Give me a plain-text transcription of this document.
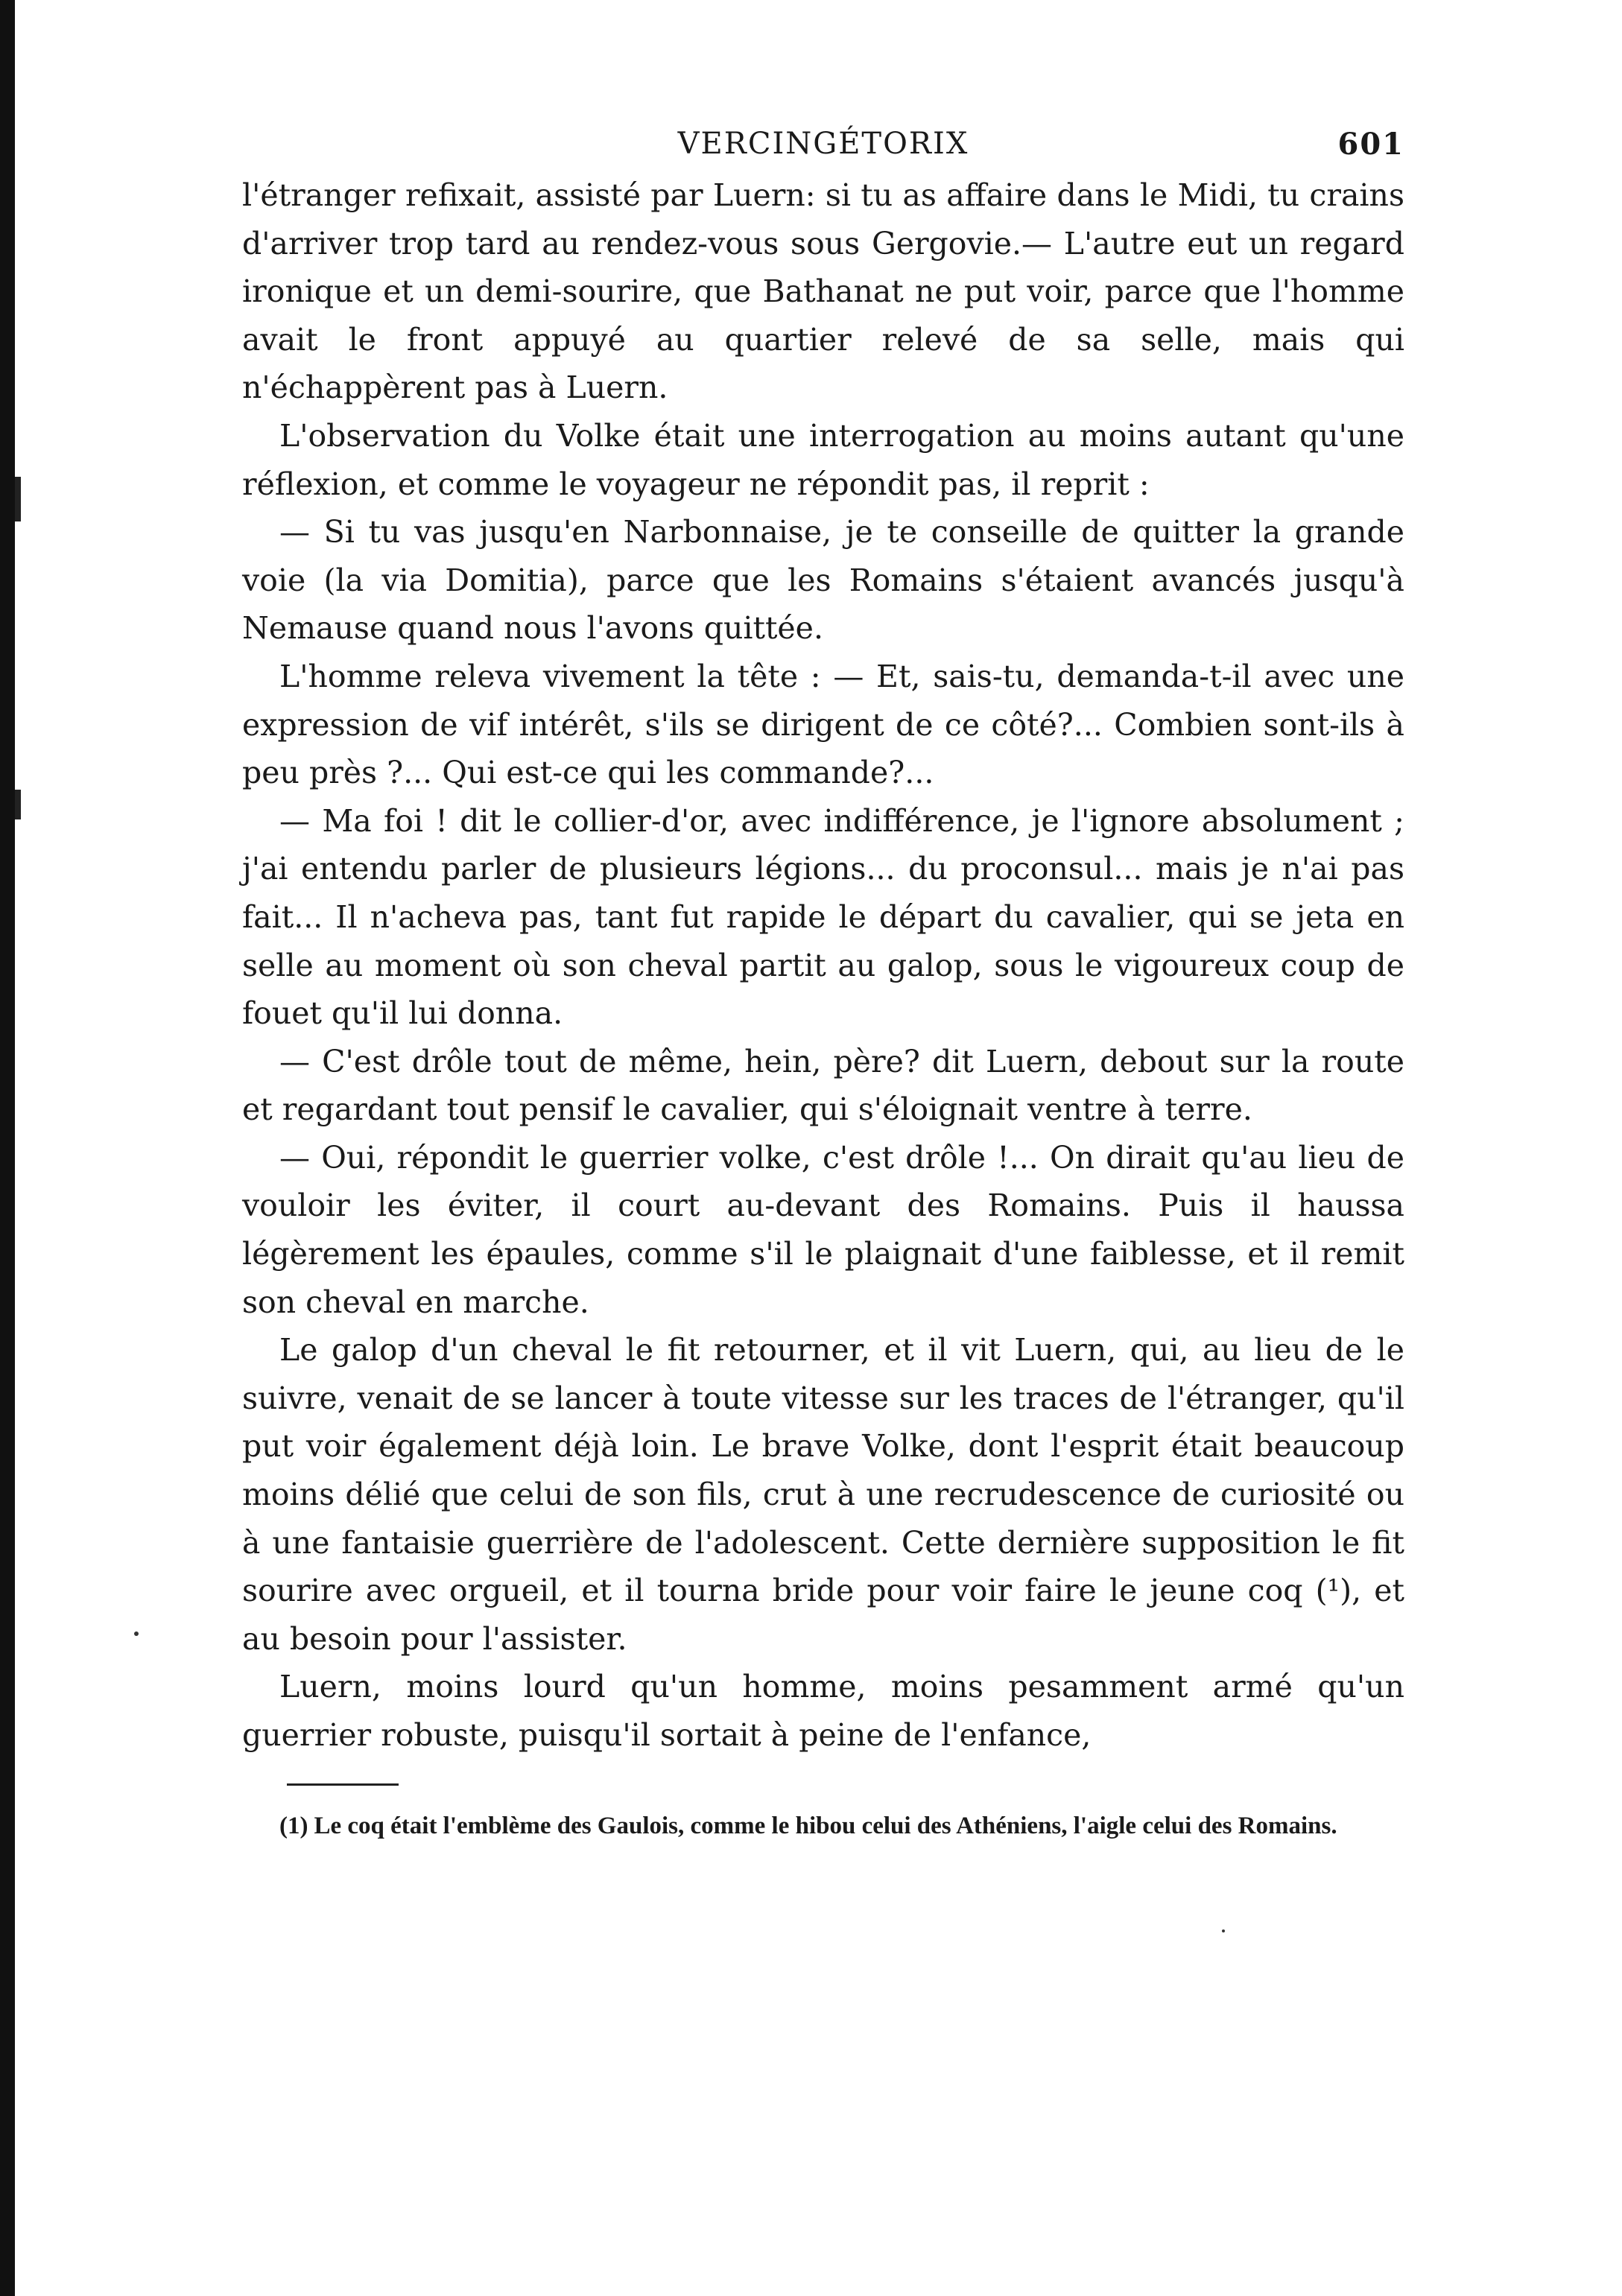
VERCINGÉTORIX	601

l'étranger refixait, assisté par Luern: si tu as affaire dans le Midi, tu crains d'arriver trop tard au rendez-vous sous Gergovie.— L'autre eut un regard ironique et un demi-sourire, que Bathanat ne put voir, parce que l'homme avait le front appuyé au quartier relevé de sa selle, mais qui n'échappèrent pas à Luern.

L'observation du Volke était une interrogation au moins autant qu'une réflexion, et comme le voyageur ne répondit pas, il reprit :

— Si tu vas jusqu'en Narbonnaise, je te conseille de quitter la grande voie (la via Domitia), parce que les Romains s'étaient avancés jusqu'à Nemause quand nous l'avons quittée.

L'homme releva vivement la tête : — Et, sais-tu, demanda-t-il avec une expression de vif intérêt, s'ils se dirigent de ce côté?... Combien sont-ils à peu près ?... Qui est-ce qui les commande?...

— Ma foi ! dit le collier-d'or, avec indifférence, je l'ignore absolument ; j'ai entendu parler de plusieurs légions... du proconsul... mais je n'ai pas fait... Il n'acheva pas, tant fut rapide le départ du cavalier, qui se jeta en selle au moment où son cheval partit au galop, sous le vigoureux coup de fouet qu'il lui donna.

— C'est drôle tout de même, hein, père? dit Luern, debout sur la route et regardant tout pensif le cavalier, qui s'éloignait ventre à terre.

— Oui, répondit le guerrier volke, c'est drôle !... On dirait qu'au lieu de vouloir les éviter, il court au-devant des Romains. Puis il haussa légèrement les épaules, comme s'il le plaignait d'une faiblesse, et il remit son cheval en marche.

Le galop d'un cheval le fit retourner, et il vit Luern, qui, au lieu de le suivre, venait de se lancer à toute vitesse sur les traces de l'étranger, qu'il put voir également déjà loin. Le brave Volke, dont l'esprit était beaucoup moins délié que celui de son fils, crut à une recrudescence de curiosité ou à une fantaisie guerrière de l'adolescent. Cette dernière supposition le fit sourire avec orgueil, et il tourna bride pour voir faire le jeune coq (¹), et au besoin pour l'assister.

Luern, moins lourd qu'un homme, moins pesamment armé qu'un guerrier robuste, puisqu'il sortait à peine de l'enfance,

(1) Le coq était l'emblème des Gaulois, comme le hibou celui des Athéniens, l'aigle celui des Romains.
